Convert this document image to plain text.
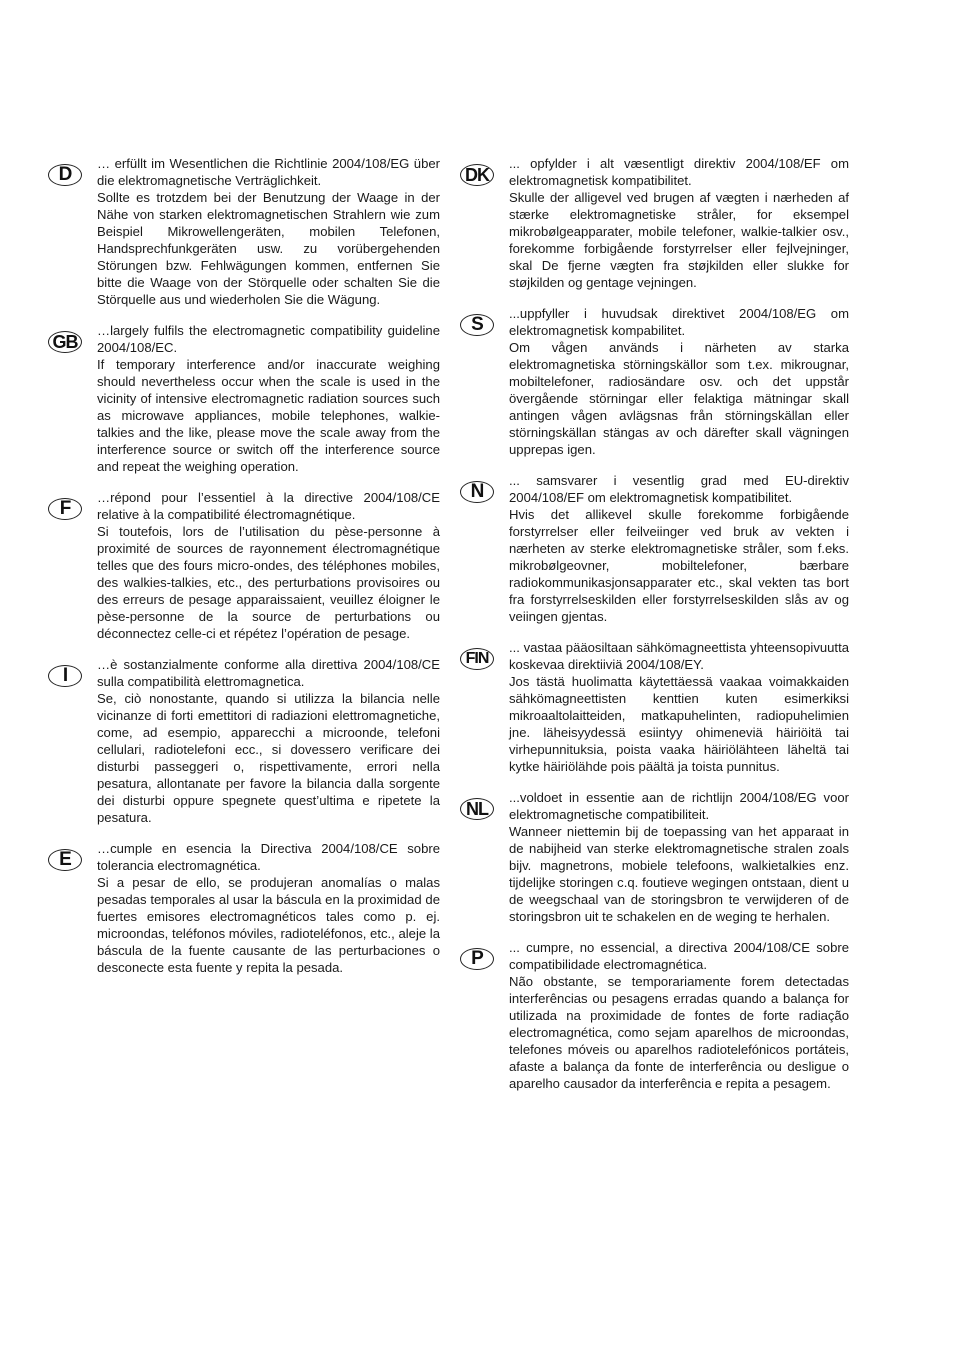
D

… erfüllt im Wesentlichen die Richtlinie 2004/108/EG über die elektromagnetische Verträglichkeit.

Sollte es trotzdem bei der Benutzung der Waage in der Nähe von starken elektromagnetischen Strahlern wie zum Beispiel Mikrowellengeräten, mobilen Telefonen, Handsprechfunkgeräten usw. zu vorübergehenden Störungen bzw. Fehlwägungen kommen, entfernen Sie bitte die Waage von der Störquelle oder schalten Sie die Störquelle aus und wiederholen Sie die Wägung.

GB

…largely fulfils the electromagnetic compatibility guideline 2004/108/EC.

If temporary interference and/or inaccurate weighing should nevertheless occur when the scale is used in the vicinity of intensive electromagnetic radiation sources such as microwave appliances, mobile telephones, walkie-talkies and the like, please move the scale away from the interference source or switch off the interference source and repeat the weighing operation.

F

…répond pour l’essentiel à la directive 2004/108/CE relative à la compatibilité électromagnétique.

Si toutefois, lors de l’utilisation du pèse-personne à proximité de sources de rayonnement électromagnétique telles que des fours micro-ondes, des téléphones mobiles, des walkies-talkies, etc., des perturbations provisoires ou des erreurs de pesage apparaissaient, veuillez éloigner le pèse-personne de la source de perturbations ou déconnectez celle-ci et répétez l’opération de pesage.

I

…è sostanzialmente conforme alla direttiva 2004/108/CE sulla compatibilità elettromagnetica.

Se, ciò nonostante, quando si utilizza la bilancia nelle vicinanze di forti emettitori di radiazioni elettromagnetiche, come, ad esempio, apparecchi a microonde, telefoni cellulari, radiotelefoni ecc., si dovessero verificare dei disturbi passeggeri o, rispettivamente, errori nella pesatura, allontanate per favore la bilancia dalla sorgente dei disturbi oppure spegnete quest’ultima e ripetete la pesatura.

E

…cumple en esencia la Directiva 2004/108/CE sobre tolerancia electromagnética.

Si a pesar de ello, se produjeran anomalías o malas pesadas temporales al usar la báscula en la proximidad de fuertes emisores electromagnéticos tales como p. ej. microondas, teléfonos móviles, radioteléfonos, etc., aleje la báscula de la fuente causante de las perturbaciones o desconecte esta fuente y repita la pesada.

DK

... opfylder i alt væsentligt direktiv 2004/108/EF om elektromagnetisk kompatibilitet.

Skulle der alligevel ved brugen af vægten i nærheden af stærke elektromagnetiske stråler, for eksempel mikrobølgeapparater, mobile telefoner, walkie-talkier osv., forekomme forbigående forstyrrelser eller fejlvejninger, skal De fjerne vægten fra støjkilden eller slukke for støjkilden og gentage vejningen.

S

...uppfyller i huvudsak direktivet 2004/108/EG om elektromagnetisk kompabilitet.

Om vågen används i närheten av starka elektromagnetiska störningskällor som t.ex. mikrougnar, mobiltelefoner, radiosändare osv. och det uppstår övergående störningar eller felaktiga mätningar skall antingen vågen avlägsnas från störningskällan eller störningskällan stängas av och därefter skall vägningen upprepas igen.

N

... samsvarer i vesentlig grad med EU-direktiv 2004/108/EF om elektromagnetisk kompatibilitet.

Hvis det allikevel skulle forekomme forbigående forstyrrelser eller feilveiinger ved bruk av vekten i nærheten av sterke elektromagnetiske stråler, som f.eks. mikrobølgeovner, mobiltelefoner, bærbare radiokommunikasjonsapparater etc., skal vekten tas bort fra forstyrrelseskilden eller forstyrrelseskilden slås av og veiingen gjentas.

FIN

... vastaa pääosiltaan sähkömagneettista yhteensopivuutta koskevaa direktiiviä 2004/108/EY.

Jos tästä huolimatta käytettäessä vaakaa voimakkaiden sähkömagneettisten kenttien kuten esimerkiksi mikroaaltolaitteiden, matkapuhelinten, radiopuhelimien jne. läheisyydessä esiintyy ohimeneviä häiriöitä tai virhepunnituksia, poista vaaka häiriölähteen läheltä tai kytke häiriölähde pois päältä ja toista punnitus.

NL

...voldoet in essentie aan de richtlijn 2004/108/EG voor elektromagnetische compatibiliteit.

Wanneer niettemin bij de toepassing van het apparaat in de nabijheid van sterke elektromagnetische stralen zoals bijv. magnetrons, mobiele telefoons, walkietalkies enz. tijdelijke storingen c.q. foutieve wegingen ontstaan, dient u de weegschaal van de storingsbron te verwijderen of de storingsbron uit te schakelen en de weging te herhalen.

P

... cumpre, no essencial, a directiva 2004/108/CE sobre compatibilidade electromagnética.

Não obstante, se temporariamente forem detectadas interferências ou pesagens erradas quando a balança for utilizada na proximidade de fontes de forte radiação electromagnética, como sejam aparelhos de microondas, telefones móveis ou aparelhos radiotelefónicos portáteis, afaste a balança da fonte de interferência ou desligue o aparelho causador da interferência e repita a pesagem.
